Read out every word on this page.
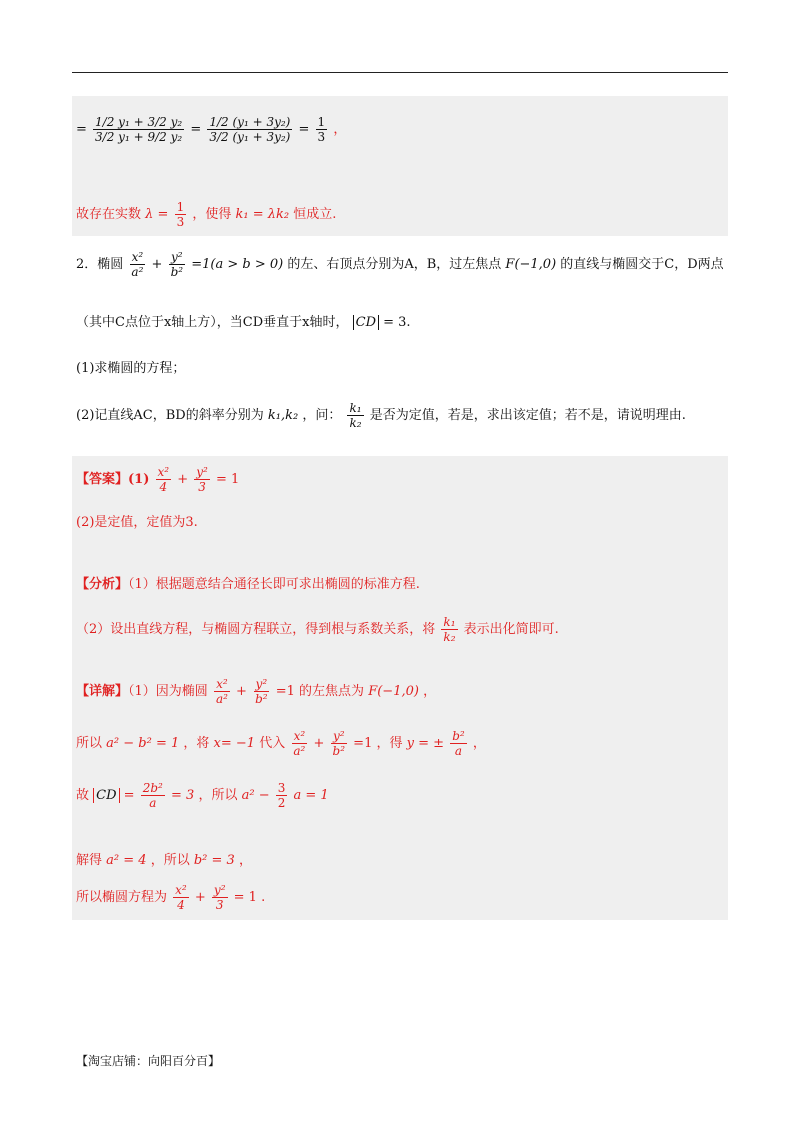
= $\frac{\text{1/2 y₁ + 3/2 y₂}}{\text{3/2 y₁ + 9/2 y₂}} = \frac{\text{1/2 (y₁ + 3y₂)}}{\text{3/2 (y₁ + 3y₂)}} = \frac{1}{3}$ ，
故存在实数 $\lambda = \frac{1}{3}$ ，使得 k₁ = λk₂ 恒成立.
2．椭圆 $\frac{\text{x²}}{\text{a²}} + \frac{\text{y²}}{\text{b²}} =1(a > b > 0)$ 的左、右顶点分别为A，B，过左焦点 F(−1,0) 的直线与椭圆交于C，D两点
（其中C点位于x轴上方），当CD垂直于x轴时， CD = 3.
(1)求椭圆的方程；
(2)记直线AC，BD的斜率分别为 k₁,k₂ ，问： $\frac{\text{k₁}}{\text{k₂}}$ 是否为定值，若是，求出该定值；若不是，请说明理由.
【答案】$(1) \frac{\text{x²}}{4} + \frac{\text{y²}}{3} = 1$
(2)是定值，定值为3.
【分析】（1）根据题意结合通径长即可求出椭圆的标准方程.
（2）设出直线方程，与椭圆方程联立，得到根与系数关系，将 $\frac{\text{k₁}}{\text{k₂}}$ 表示出化简即可.
【详解】（1）因为椭圆 $\frac{\text{x²}}{\text{a²}} + \frac{\text{y²}}{\text{b²}} =1$ 的左焦点为 F(−1,0) ，
所以 a² − b² = 1 ，将 x= −1 代入 $\frac{\text{x²}}{\text{a²}} + \frac{\text{y²}}{\text{b²}} =1$ ，得 y = ± $\frac{\text{b²}}{a}$ ，
故 CD = $\frac{\text{2b²}}{a} = 3$ ，所以 $a^2 - \frac{3}{2}$ a = 1
解得 a² = 4 ，所以 b² = 3 ，
所以椭圆方程为 $\frac{\text{x²}}{4} + \frac{\text{y²}}{3} = 1$ .
【淘宝店铺：向阳百分百】
